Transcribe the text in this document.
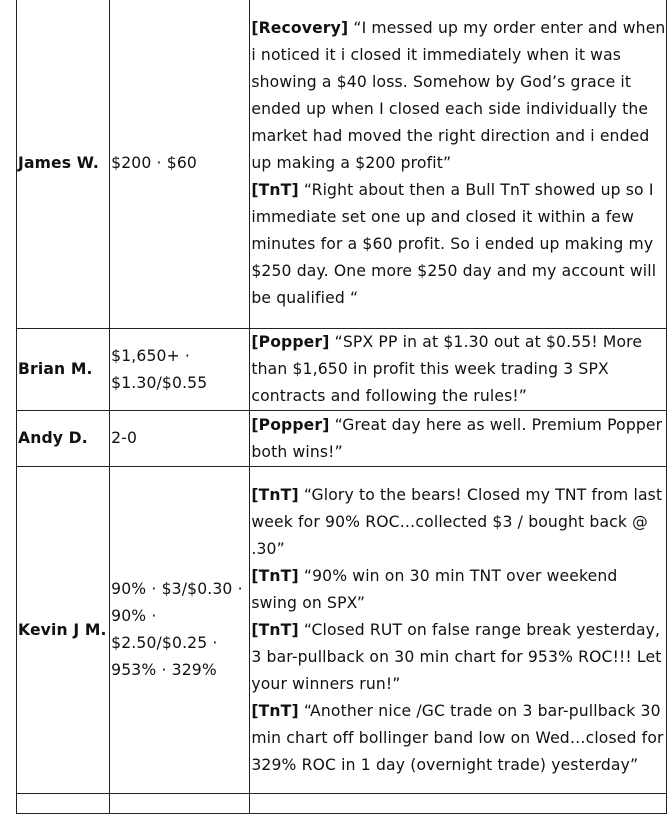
James W.	$200 · $60	[Recovery] “I messed up my order enter and when i noticed it i closed it immediately when it was showing a $40 loss. Somehow by God’s grace it ended up when I closed each side individually the market had moved the right direction and i ended up making a $200 profit”
[TnT] “Right about then a Bull TnT showed up so I immediate set one up and closed it within a few minutes for a $60 profit. So i ended up making my $250 day. One more $250 day and my account will be qualified “

Brian M.	$1,650+ · $1.30/$0.55	[Popper] “SPX PP in at $1.30 out at $0.55! More than $1,650 in profit this week trading 3 SPX contracts and following the rules!”

Andy D.	2-0	[Popper] “Great day here as well. Premium Popper both wins!”

Kevin J M.	90% · $3/$0.30 · 90% · $2.50/$0.25 · 953% · 329%	[TnT] “Glory to the bears! Closed my TNT from last week for 90% ROC…collected $3 / bought back @ .30”
[TnT] “90% win on 30 min TNT over weekend swing on SPX”
[TnT] “Closed RUT on false range break yesterday, 3 bar-pullback on 30 min chart for 953% ROC!!! Let your winners run!”
[TnT] “Another nice /GC trade on 3 bar-pullback 30 min chart off bollinger band low on Wed…closed for 329% ROC in 1 day (overnight trade) yesterday”
